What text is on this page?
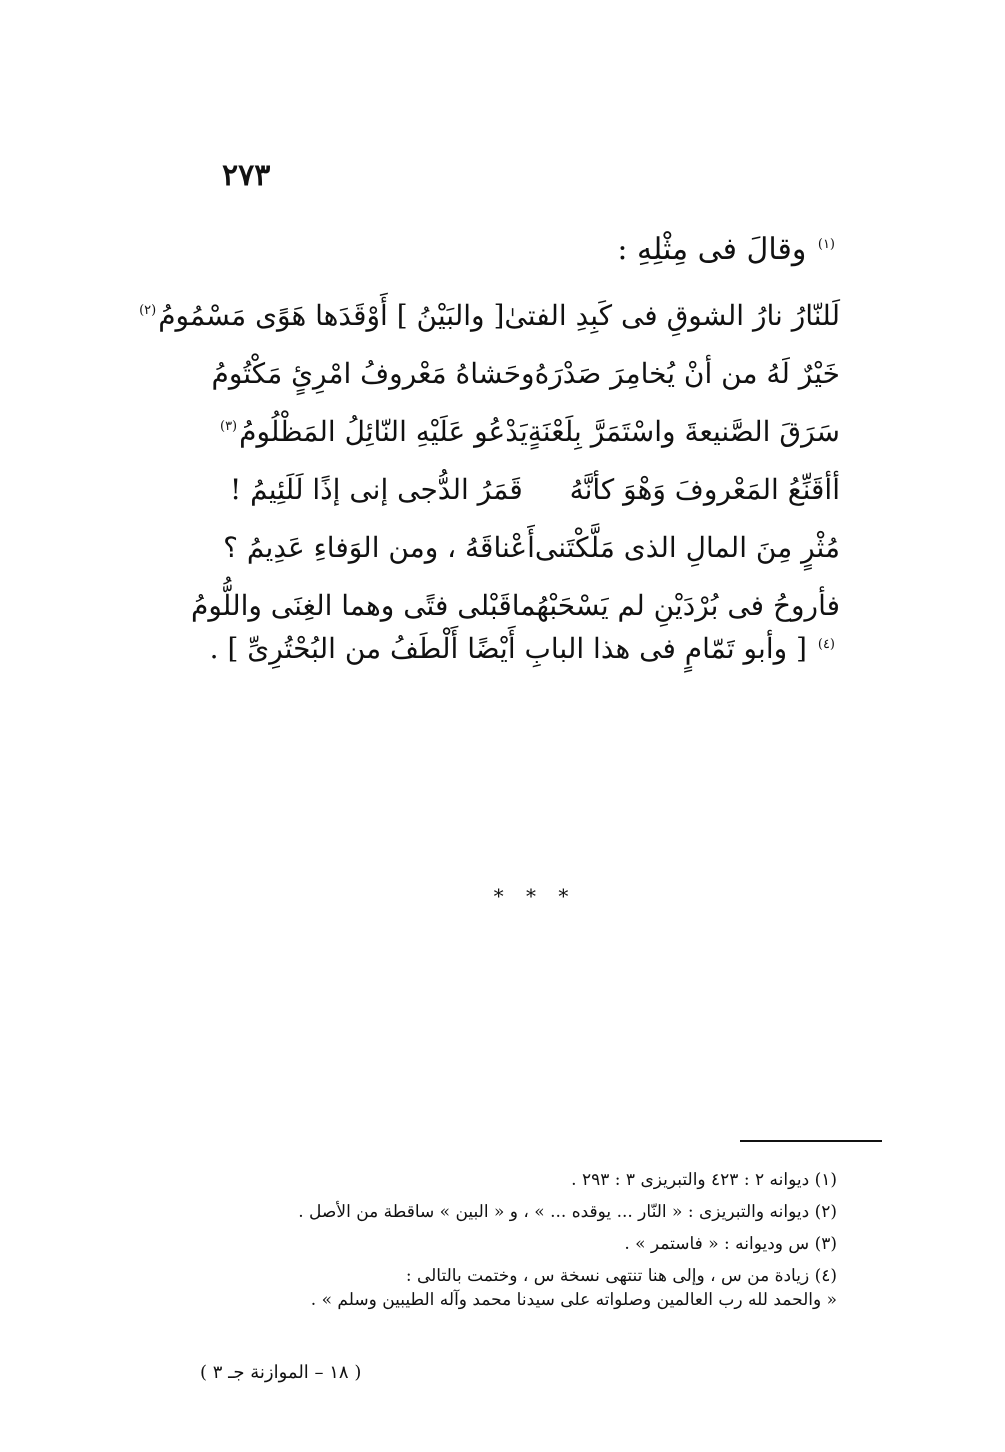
٢٧٣
$^{(١)}$ وقالَ فى مِثْلِهِ :
لَلنّارُ نارُ الشوقِ فى كَبِدِ الفتىٰ
[ والبَيْنُ ] أَوْقَدَها هَوًى مَسْمُومُ$^{(٢)}$
خَيْرٌ لَهُ من أنْ يُخامِرَ صَدْرَهُ
وحَشاهُ مَعْروفُ امْرِئٍ مَكْتُومُ
سَرَقَ الصَّنيعةَ واسْتَمَرَّ بِلَعْنَةٍ
يَدْعُو عَلَيْهِ النّائِلُ المَظْلُومُ$^{(٣)}$
أأقَنِّعُ المَعْروفَ وَهْوَ كأنَّهُ
قَمَرُ الدُّجى إنى إذًا لَلَئِيمُ !
مُثْرٍ مِنَ المالِ الذى مَلَّكْتَنى
أَعْناقَهُ ، ومن الوَفاءِ عَدِيمُ ؟
فأروحُ فى بُرْدَيْنِ لم يَسْحَبْهُما
قَبْلى فتًى وهما الغِنَى واللُّومُ
$^{(٤)}$ [ وأبو تَمّامٍ فى هذا البابِ أَيْضًا أَلْطَفُ من البُحْتُرِىِّ ] .
* * *
(١) ديوانه ٢ : ٤٢٣ والتبريزى ٣ : ٢٩٣ .
(٢) ديوانه والتبريزى : « النّار ... يوقده ... » ، و « البين » ساقطة من الأصل .
(٣) س وديوانه : « فاستمر » .
(٤) زيادة من س ، وإلى هنا تنتهى نسخة س ، وختمت بالتالى :
« والحمد لله رب العالمين وصلواته على سيدنا محمد وآله الطيبين وسلم » .
( ١٨ – الموازنة جـ ٣ )
